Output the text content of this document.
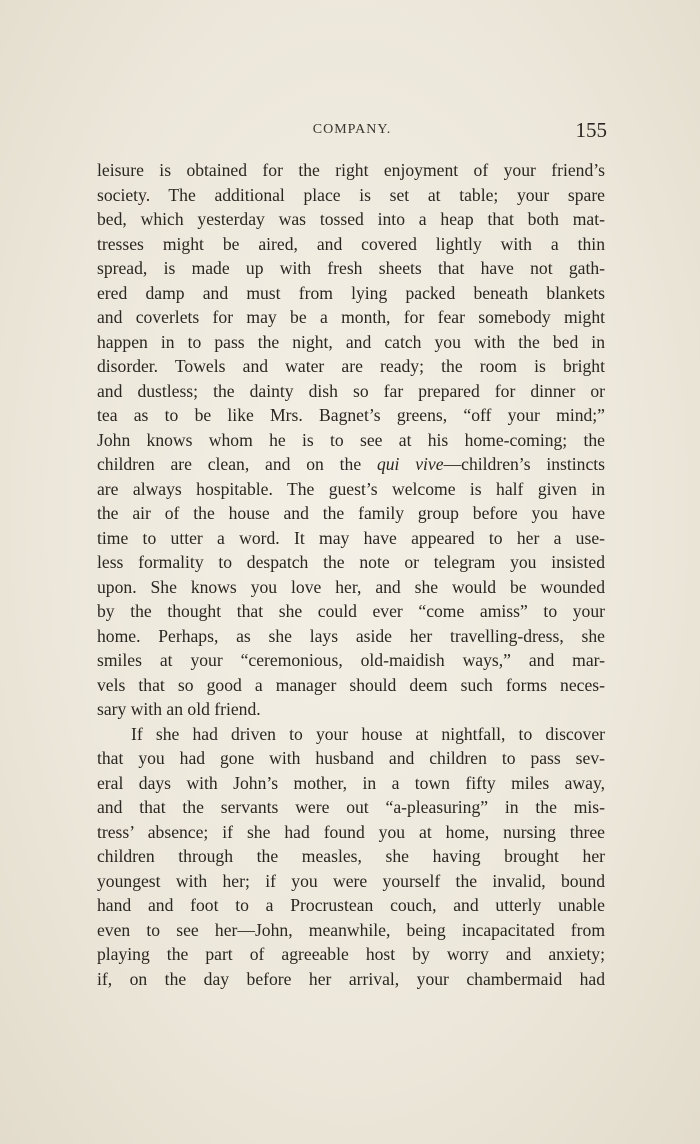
COMPANY.	155
leisure is obtained for the right enjoyment of your friend’s
society. The additional place is set at table; your spare
bed, which yesterday was tossed into a heap that both mat-
tresses might be aired, and covered lightly with a thin
spread, is made up with fresh sheets that have not gath-
ered damp and must from lying packed beneath blankets
and coverlets for may be a month, for fear somebody might
happen in to pass the night, and catch you with the bed in
disorder. Towels and water are ready; the room is bright
and dustless; the dainty dish so far prepared for dinner or
tea as to be like Mrs. Bagnet’s greens, “off your mind;”
John knows whom he is to see at his home-coming; the
children are clean, and on the qui vive—children’s instincts
are always hospitable. The guest’s welcome is half given in
the air of the house and the family group before you have
time to utter a word. It may have appeared to her a use-
less formality to despatch the note or telegram you insisted
upon. She knows you love her, and she would be wounded
by the thought that she could ever “come amiss” to your
home. Perhaps, as she lays aside her travelling-dress, she
smiles at your “ceremonious, old-maidish ways,” and mar-
vels that so good a manager should deem such forms neces-
sary with an old friend.
If she had driven to your house at nightfall, to discover
that you had gone with husband and children to pass sev-
eral days with John’s mother, in a town fifty miles away,
and that the servants were out “a-pleasuring” in the mis-
tress’ absence; if she had found you at home, nursing three
children through the measles, she having brought her
youngest with her; if you were yourself the invalid, bound
hand and foot to a Procrustean couch, and utterly unable
even to see her—John, meanwhile, being incapacitated from
playing the part of agreeable host by worry and anxiety;
if, on the day before her arrival, your chambermaid had
